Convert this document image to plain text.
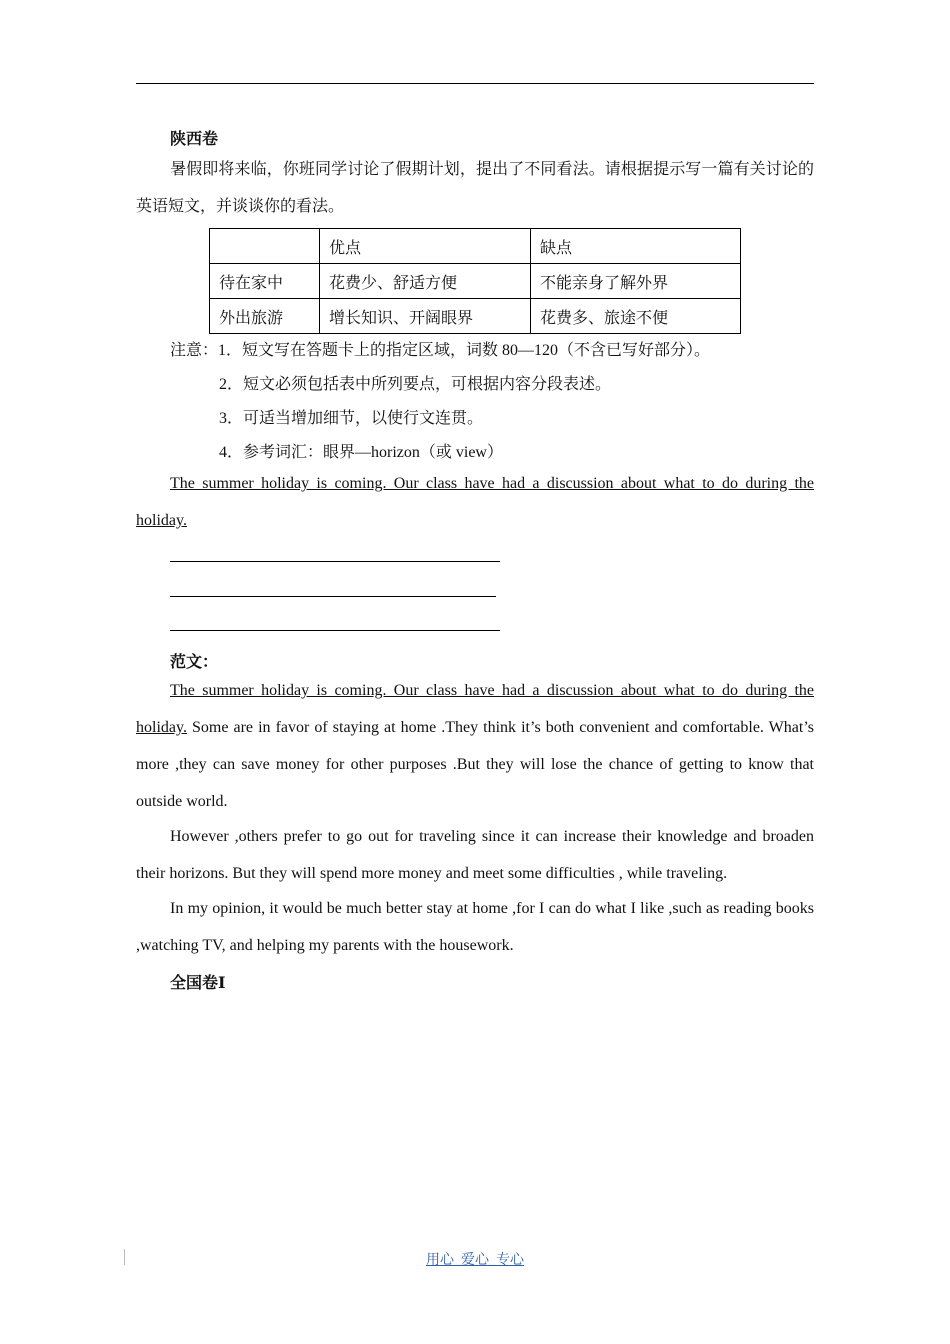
陕西卷
暑假即将来临，你班同学讨论了假期计划，提出了不同看法。请根据提示写一篇有关讨论的英语短文，并谈谈你的看法。
	优点	缺点
待在家中	花费少、舒适方便	不能亲身了解外界
外出旅游	增长知识、开阔眼界	花费多、旅途不便
注意：1．短文写在答题卡上的指定区域，词数 80—120（不含已写好部分）。
2．短文必须包括表中所列要点，可根据内容分段表述。
3．可适当增加细节，以使行文连贯。
4．参考词汇：眼界—horizon（或 view）
The summer holiday is coming. Our class have had a discussion about what to do during the holiday.
范文：
The summer holiday is coming. Our class have had a discussion about what to do during the holiday. Some are in favor of staying at home .They think it’s both convenient and comfortable. What’s more ,they can save money for other purposes .But they will lose the chance of getting to know that outside world.
However ,others prefer to go out for traveling since it can increase their knowledge and broaden their horizons. But they will spend more money and meet some difficulties , while traveling.
In my opinion, it would be much better stay at home ,for I can do what I like ,such as reading books ,watching TV, and helping my parents with the housework.
全国卷Ⅰ
用心_爱心_专心
